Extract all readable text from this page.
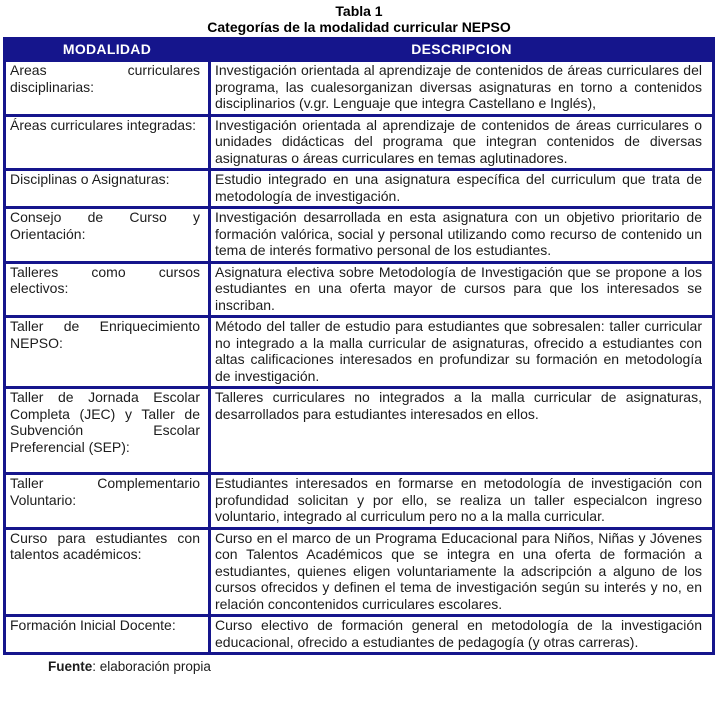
Tabla 1
Categorías de la modalidad curricular NEPSO
MODALIDAD	DESCRIPCION
Areas curriculares disciplinarias:	Investigación orientada al aprendizaje de contenidos de áreas curriculares del programa, las cualesorganizan diversas asignaturas en torno a contenidos disciplinarios (v.gr. Lenguaje que integra Castellano e Inglés),
Áreas curriculares integradas:	Investigación orientada al aprendizaje de contenidos de áreas curriculares o unidades didácticas del programa que integran contenidos de diversas asignaturas o áreas curriculares en temas aglutinadores.
Disciplinas o Asignaturas:	Estudio integrado en una asignatura específica del curriculum que trata de metodología de investigación.
Consejo de Curso y Orientación:	Investigación desarrollada en esta asignatura con un objetivo prioritario de formación valórica, social y personal utilizando como recurso de contenido un tema de interés formativo personal de los estudiantes.
Talleres como cursos electivos:	Asignatura electiva sobre Metodología de Investigación que se propone a los estudiantes en una oferta mayor de cursos para que los interesados se inscriban.
Taller de Enriquecimiento NEPSO:	Método del taller de estudio para estudiantes que sobresalen: taller curricular no integrado a la malla curricular de asignaturas, ofrecido a estudiantes con altas calificaciones interesados en profundizar su formación en metodología de investigación.
Taller de Jornada Escolar Completa (JEC) y Taller de Subvención Escolar Preferencial (SEP):	Talleres curriculares no integrados a la malla curricular de asignaturas, desarrollados para estudiantes interesados en ellos.
Taller Complementario Voluntario:	Estudiantes interesados en formarse en metodología de investigación con profundidad solicitan y por ello, se realiza un taller especialcon ingreso voluntario, integrado al curriculum pero no a la malla curricular.
Curso para estudiantes con talentos académicos:	Curso en el marco de un Programa Educacional para Niños, Niñas y Jóvenes con Talentos Académicos que se integra en una oferta de formación a estudiantes, quienes eligen voluntariamente la adscripción a alguno de los cursos ofrecidos y definen el tema de investigación según su interés y no, en relación concontenidos curriculares escolares.
Formación Inicial Docente:	Curso electivo de formación general en metodología de la investigación educacional, ofrecido a estudiantes de pedagogía (y otras carreras).
Fuente: elaboración propia
